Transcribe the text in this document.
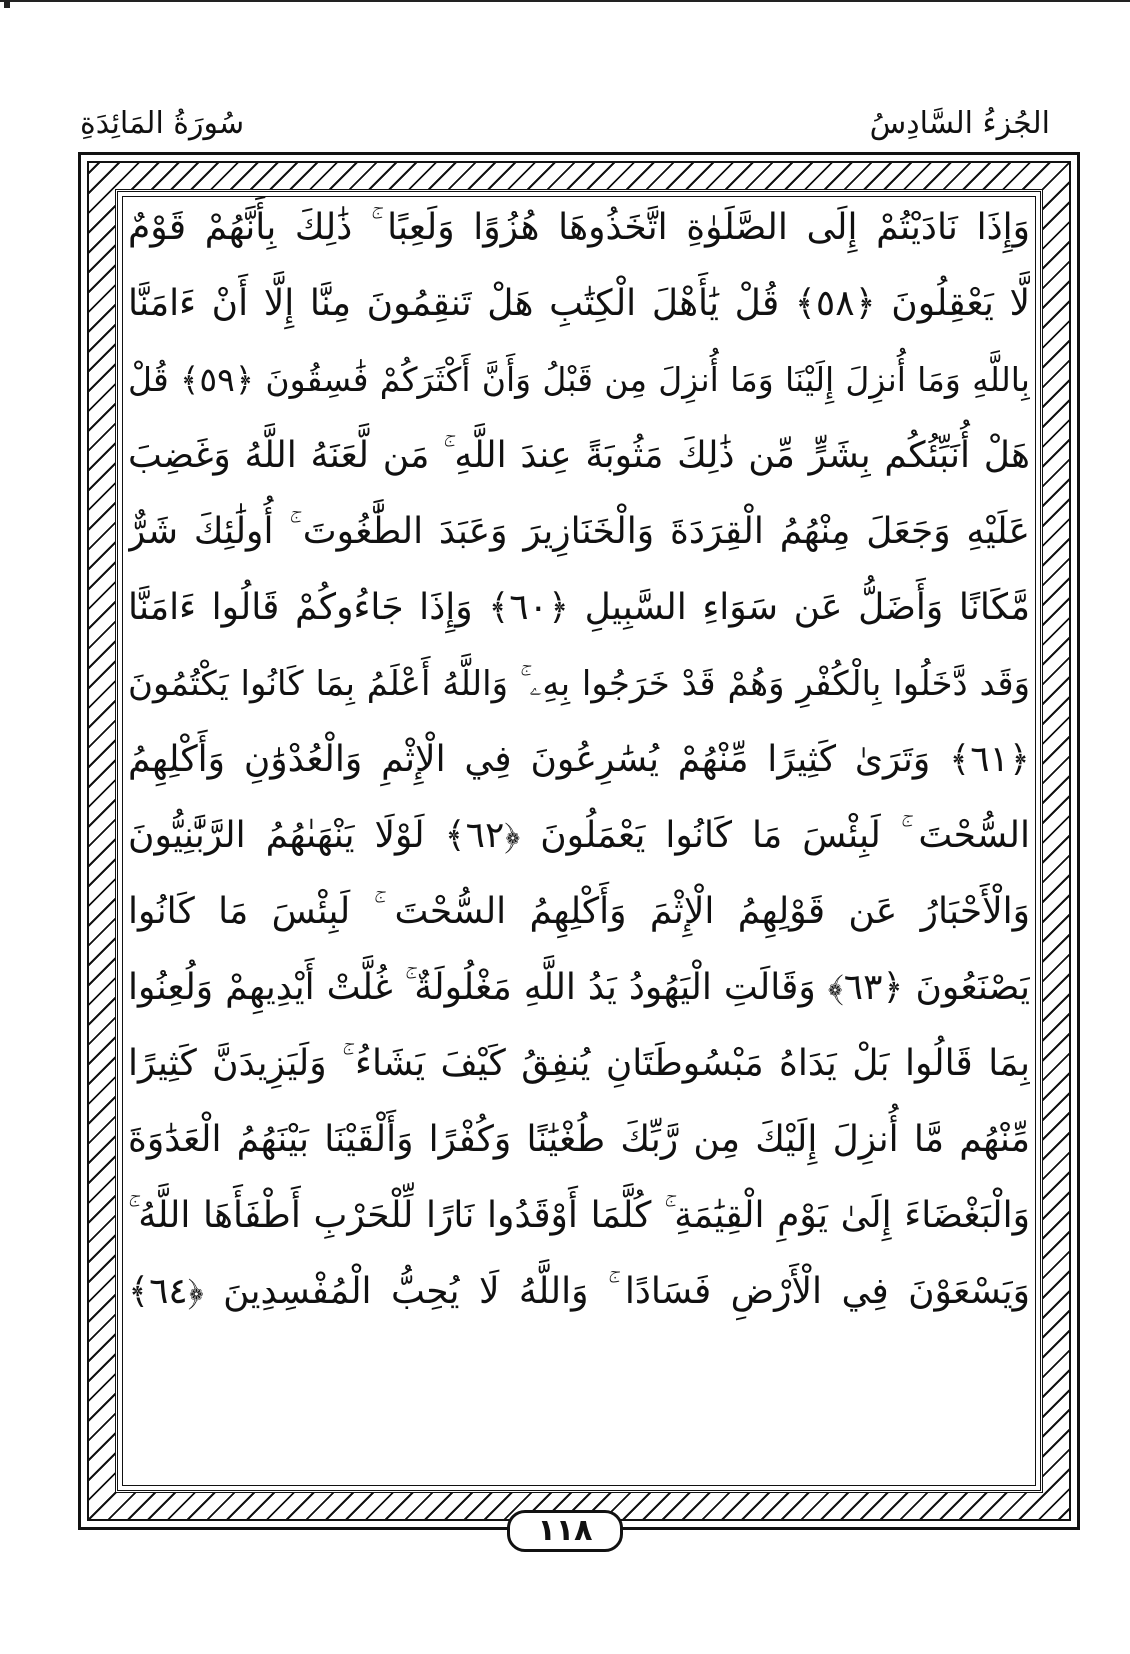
سُورَةُ المَائِدَةِ	الجُزءُ السَّادِسُ
وَإِذَا نَادَيْتُمْ إِلَى الصَّلَوٰةِ اتَّخَذُوهَا هُزُوًا وَلَعِبًا ۚ ذَٰلِكَ بِأَنَّهُمْ قَوْمٌ
لَّا يَعْقِلُونَ ﴿٥٨﴾ قُلْ يَٰأَهْلَ الْكِتَٰبِ هَلْ تَنقِمُونَ مِنَّا إِلَّا أَنْ ءَامَنَّا
بِاللَّهِ وَمَا أُنزِلَ إِلَيْنَا وَمَا أُنزِلَ مِن قَبْلُ وَأَنَّ أَكْثَرَكُمْ فَٰسِقُونَ ﴿٥٩﴾ قُلْ
هَلْ أُنَبِّئُكُم بِشَرٍّ مِّن ذَٰلِكَ مَثُوبَةً عِندَ اللَّهِ ۚ مَن لَّعَنَهُ اللَّهُ وَغَضِبَ
عَلَيْهِ وَجَعَلَ مِنْهُمُ الْقِرَدَةَ وَالْخَنَازِيرَ وَعَبَدَ الطَّٰغُوتَ ۚ أُولَٰئِكَ شَرٌّ
مَّكَانًا وَأَضَلُّ عَن سَوَاءِ السَّبِيلِ ﴿٦٠﴾ وَإِذَا جَاءُوكُمْ قَالُوا ءَامَنَّا
وَقَد دَّخَلُوا بِالْكُفْرِ وَهُمْ قَدْ خَرَجُوا بِهِۦ ۚ وَاللَّهُ أَعْلَمُ بِمَا كَانُوا يَكْتُمُونَ
﴿٦١﴾ وَتَرَىٰ كَثِيرًا مِّنْهُمْ يُسَٰرِعُونَ فِي الْإِثْمِ وَالْعُدْوَٰنِ وَأَكْلِهِمُ
السُّحْتَ ۚ لَبِئْسَ مَا كَانُوا يَعْمَلُونَ ﴿٦٢﴾ لَوْلَا يَنْهَىٰهُمُ الرَّبَّٰنِيُّونَ
وَالْأَحْبَارُ عَن قَوْلِهِمُ الْإِثْمَ وَأَكْلِهِمُ السُّحْتَ ۚ لَبِئْسَ مَا كَانُوا
يَصْنَعُونَ ﴿٦٣﴾ وَقَالَتِ الْيَهُودُ يَدُ اللَّهِ مَغْلُولَةٌ ۚ غُلَّتْ أَيْدِيهِمْ وَلُعِنُوا
بِمَا قَالُوا بَلْ يَدَاهُ مَبْسُوطَتَانِ يُنفِقُ كَيْفَ يَشَاءُ ۚ وَلَيَزِيدَنَّ كَثِيرًا
مِّنْهُم مَّا أُنزِلَ إِلَيْكَ مِن رَّبِّكَ طُغْيَٰنًا وَكُفْرًا وَأَلْقَيْنَا بَيْنَهُمُ الْعَدَٰوَةَ
وَالْبَغْضَاءَ إِلَىٰ يَوْمِ الْقِيَٰمَةِ ۚ كُلَّمَا أَوْقَدُوا نَارًا لِّلْحَرْبِ أَطْفَأَهَا اللَّهُ ۚ
وَيَسْعَوْنَ فِي الْأَرْضِ فَسَادًا ۚ وَاللَّهُ لَا يُحِبُّ الْمُفْسِدِينَ ﴿٦٤﴾
١١٨
